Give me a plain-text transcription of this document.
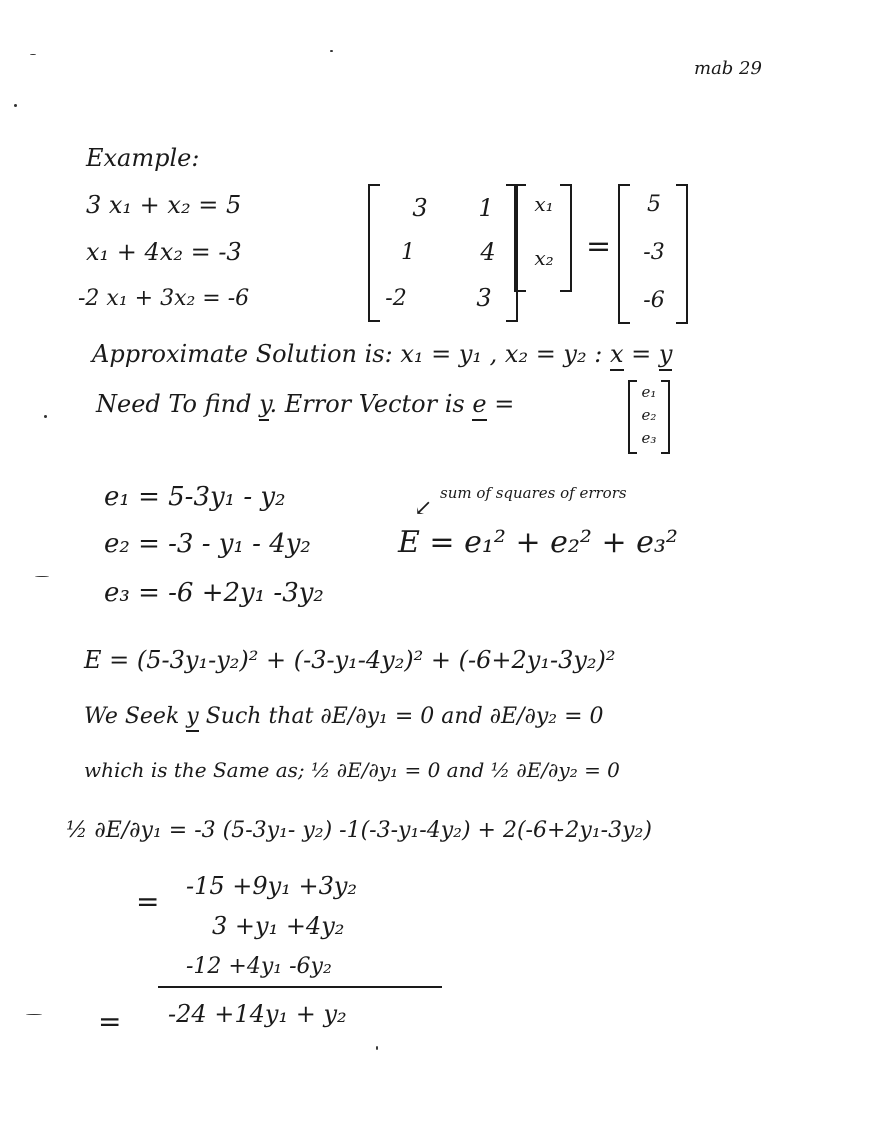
mab 29
Example:
3 x₁ + x₂ = 5
x₁ + 4x₂ = -3
-2 x₁ + 3x₂ = -6
3 1
1	4
-2	3
x₁
x₂ =
5
-3
-6
Approximate Solution is: x₁ = y₁ , x₂ = y₂ : x = y
Need To find y. Error Vector is e =	e₁
e₂
e₃
e₁ = 5-3y₁ - y₂
e₂ = -3 - y₁ - 4y₂
e₃ = -6 +2y₁ -3y₂
sum of squares of errors
↙
E = e₁² + e₂² + e₃²
E = (5-3y₁-y₂)² + (-3-y₁-4y₂)² + (-6+2y₁-3y₂)²
We Seek y Such that ∂E/∂y₁ = 0 and ∂E/∂y₂ = 0
which is the Same as; ½ ∂E/∂y₁ = 0 and ½ ∂E/∂y₂ = 0
½ ∂E/∂y₁ = -3 (5-3y₁- y₂) -1(-3-y₁-4y₂) + 2(-6+2y₁-3y₂)
= -15 +9y₁ +3y₂
3 +y₁ +4y₂
-12 +4y₁ -6y₂
= -24 +14y₁ + y₂
